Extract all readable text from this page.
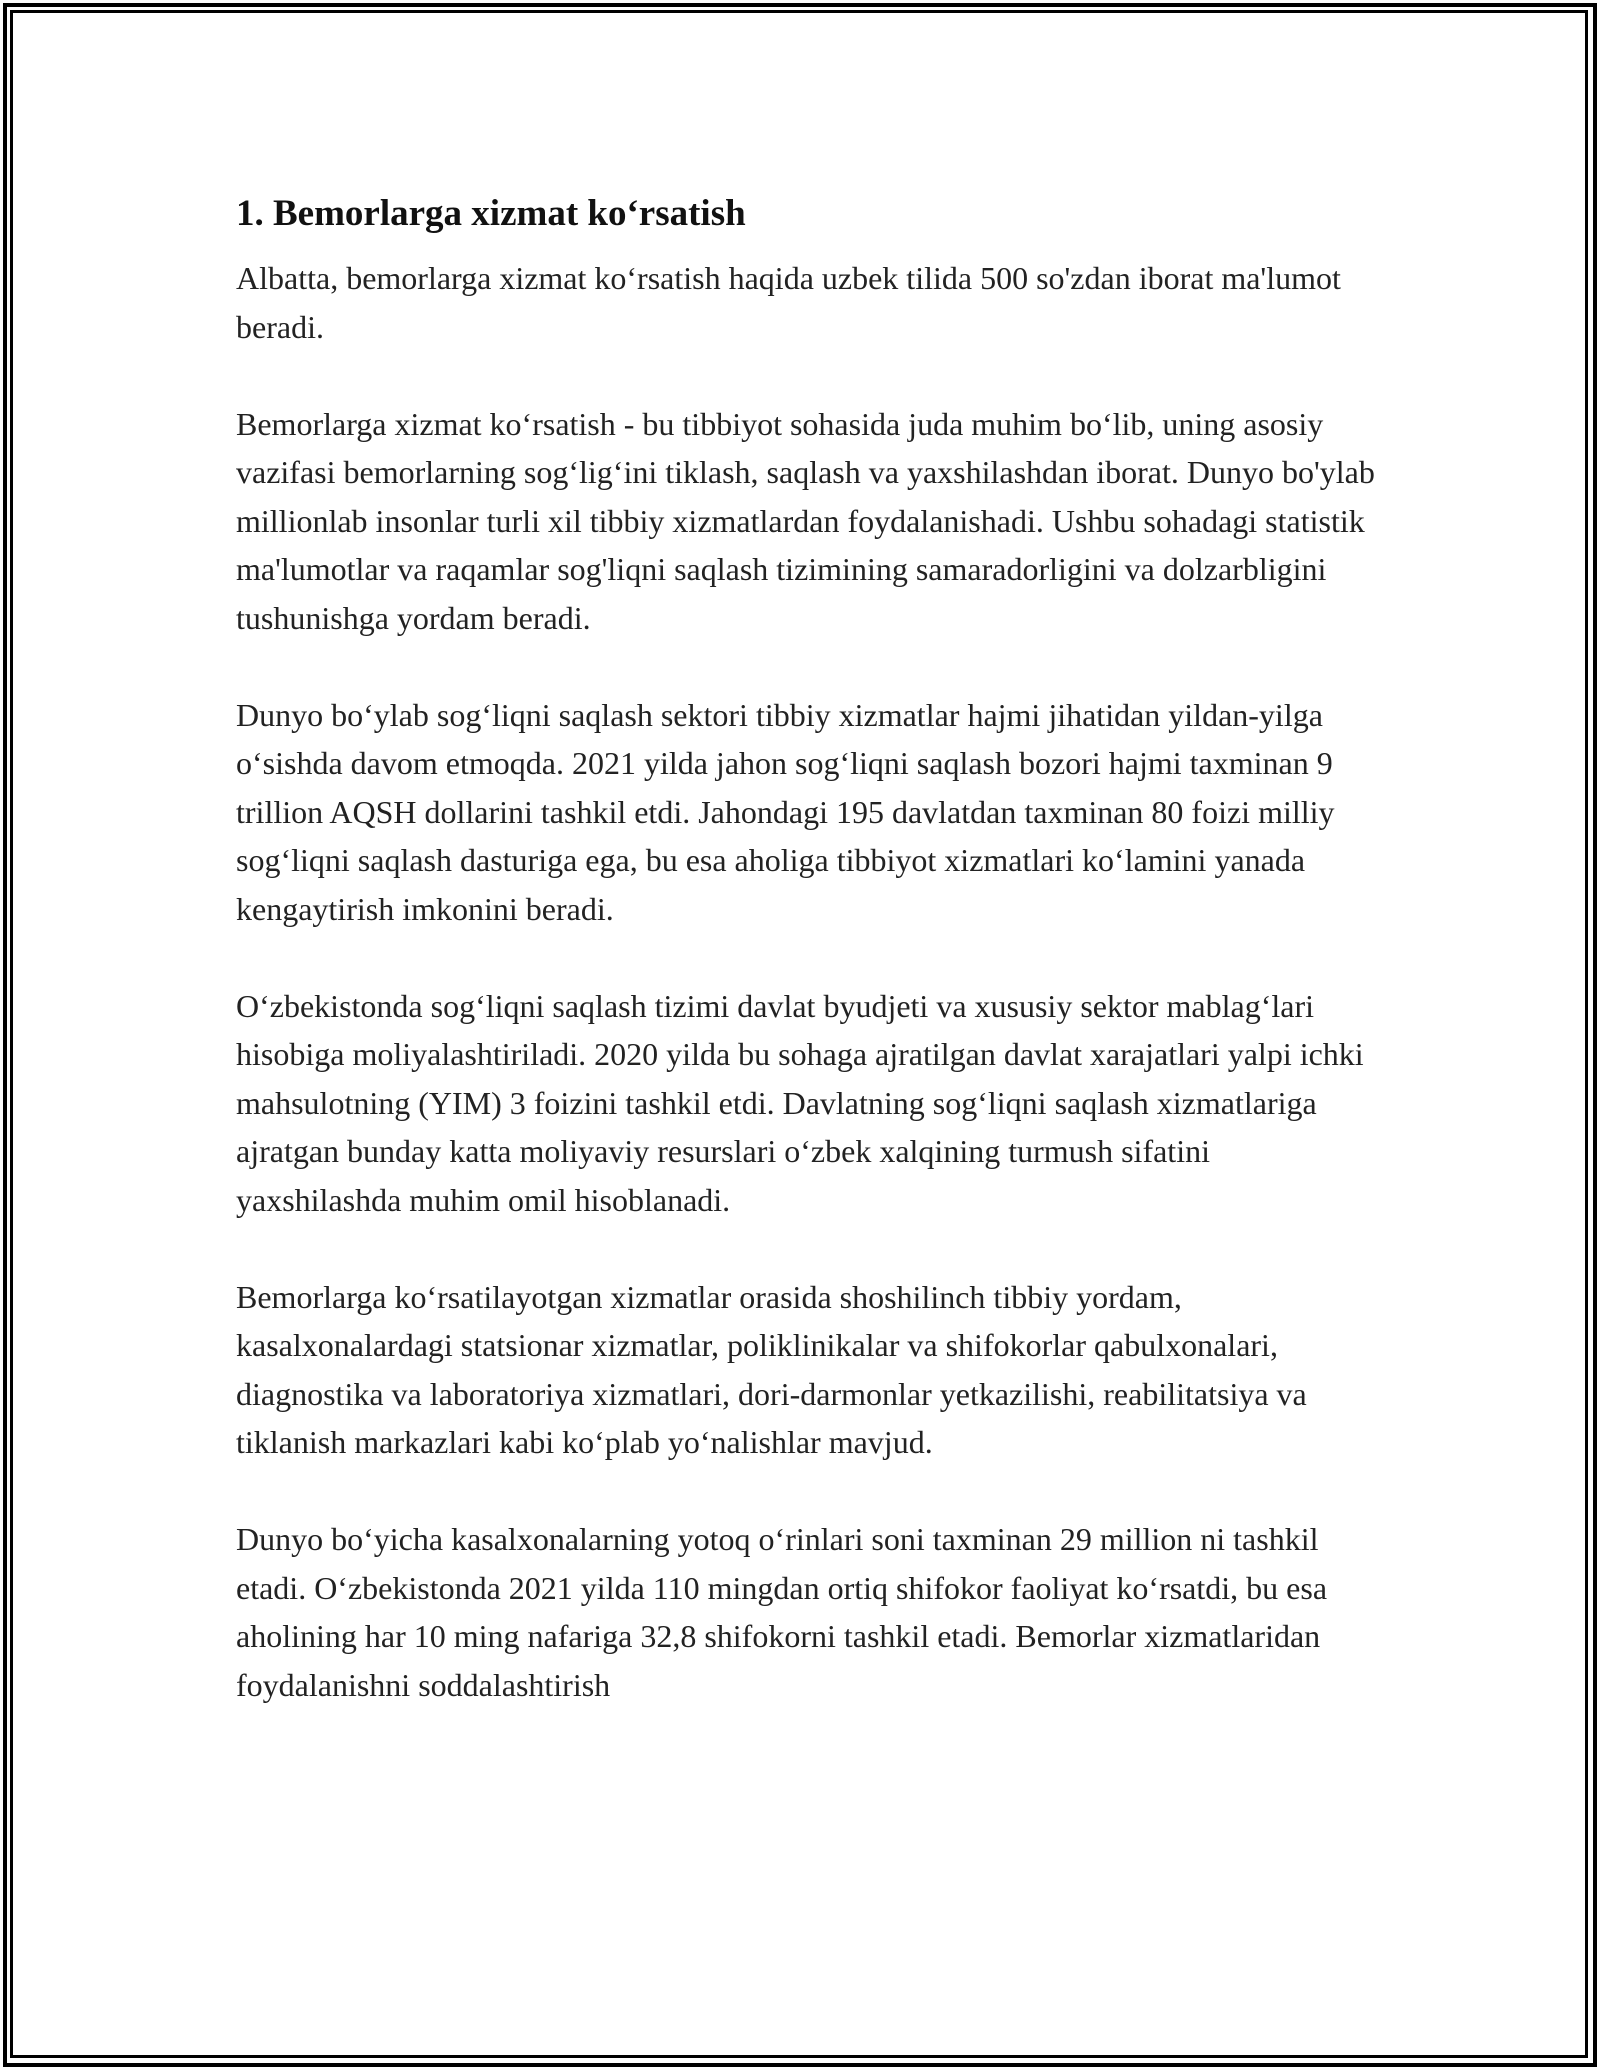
1. Bemorlarga xizmat koʻrsatish

Albatta, bemorlarga xizmat koʻrsatish haqida uzbek tilida 500 so'zdan iborat ma'lumot beradi.

Bemorlarga xizmat koʻrsatish - bu tibbiyot sohasida juda muhim boʻlib, uning asosiy vazifasi bemorlarning sogʻligʻini tiklash, saqlash va yaxshilashdan iborat. Dunyo bo'ylab millionlab insonlar turli xil tibbiy xizmatlardan foydalanishadi. Ushbu sohadagi statistik ma'lumotlar va raqamlar sog'liqni saqlash tizimining samaradorligini va dolzarbligini tushunishga yordam beradi.

Dunyo boʻylab sogʻliqni saqlash sektori tibbiy xizmatlar hajmi jihatidan yildan-yilga oʻsishda davom etmoqda. 2021 yilda jahon sogʻliqni saqlash bozori hajmi taxminan 9 trillion AQSH dollarini tashkil etdi. Jahondagi 195 davlatdan taxminan 80 foizi milliy sogʻliqni saqlash dasturiga ega, bu esa aholiga tibbiyot xizmatlari koʻlamini yanada kengaytirish imkonini beradi.

Oʻzbekistonda sogʻliqni saqlash tizimi davlat byudjeti va xususiy sektor mablagʻlari hisobiga moliyalashtiriladi. 2020 yilda bu sohaga ajratilgan davlat xarajatlari yalpi ichki mahsulotning (YIM) 3 foizini tashkil etdi. Davlatning sogʻliqni saqlash xizmatlariga ajratgan bunday katta moliyaviy resurslari oʻzbek xalqining turmush sifatini yaxshilashda muhim omil hisoblanadi.

Bemorlarga koʻrsatilayotgan xizmatlar orasida shoshilinch tibbiy yordam, kasalxonalardagi statsionar xizmatlar, poliklinikalar va shifokorlar qabulxonalari, diagnostika va laboratoriya xizmatlari, dori-darmonlar yetkazilishi, reabilitatsiya va tiklanish markazlari kabi koʻplab yoʻnalishlar mavjud.

Dunyo boʻyicha kasalxonalarning yotoq oʻrinlari soni taxminan 29 million ni tashkil etadi. Oʻzbekistonda 2021 yilda 110 mingdan ortiq shifokor faoliyat koʻrsatdi, bu esa aholining har 10 ming nafariga 32,8 shifokorni tashkil etadi. Bemorlar xizmatlaridan foydalanishni soddalashtirish
